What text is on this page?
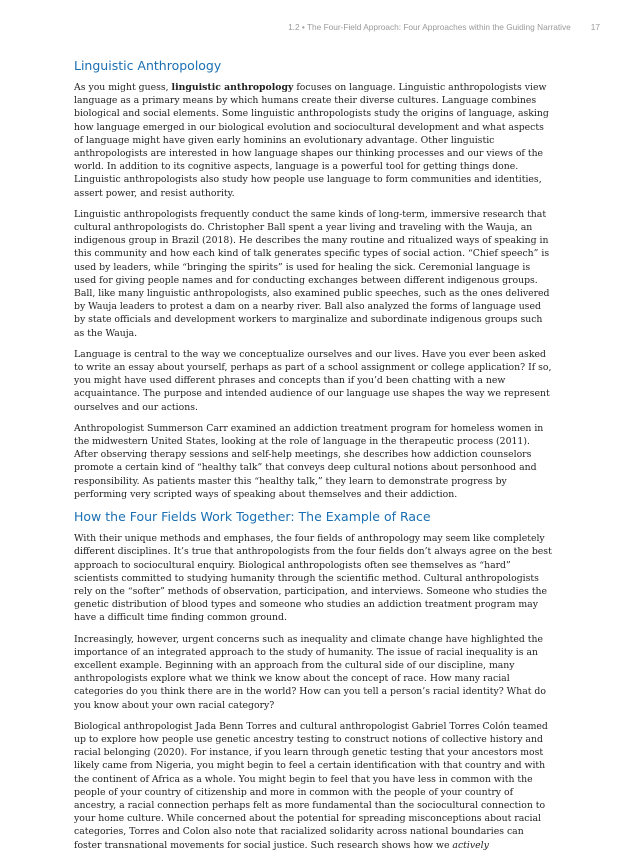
1.2 • The Four-Field Approach: Four Approaches within the Guiding Narrative 17
Linguistic Anthropology

As you might guess, linguistic anthropology focuses on language. Linguistic anthropologists view language as a primary means by which humans create their diverse cultures. Language combines biological and social elements. Some linguistic anthropologists study the origins of language, asking how language emerged in our biological evolution and sociocultural development and what aspects of language might have given early hominins an evolutionary advantage. Other linguistic anthropologists are interested in how language shapes our thinking processes and our views of the world. In addition to its cognitive aspects, language is a powerful tool for getting things done. Linguistic anthropologists also study how people use language to form communities and identities, assert power, and resist authority.

Linguistic anthropologists frequently conduct the same kinds of long-term, immersive research that cultural anthropologists do. Christopher Ball spent a year living and traveling with the Wauja, an indigenous group in Brazil (2018). He describes the many routine and ritualized ways of speaking in this community and how each kind of talk generates specific types of social action. “Chief speech” is used by leaders, while “bringing the spirits” is used for healing the sick. Ceremonial language is used for giving people names and for conducting exchanges between different indigenous groups. Ball, like many linguistic anthropologists, also examined public speeches, such as the ones delivered by Wauja leaders to protest a dam on a nearby river. Ball also analyzed the forms of language used by state officials and development workers to marginalize and subordinate indigenous groups such as the Wauja.

Language is central to the way we conceptualize ourselves and our lives. Have you ever been asked to write an essay about yourself, perhaps as part of a school assignment or college application? If so, you might have used different phrases and concepts than if you’d been chatting with a new acquaintance. The purpose and intended audience of our language use shapes the way we represent ourselves and our actions.

Anthropologist Summerson Carr examined an addiction treatment program for homeless women in the midwestern United States, looking at the role of language in the therapeutic process (2011). After observing therapy sessions and self-help meetings, she describes how addiction counselors promote a certain kind of “healthy talk” that conveys deep cultural notions about personhood and responsibility. As patients master this “healthy talk,” they learn to demonstrate progress by performing very scripted ways of speaking about themselves and their addiction.

How the Four Fields Work Together: The Example of Race

With their unique methods and emphases, the four fields of anthropology may seem like completely different disciplines. It’s true that anthropologists from the four fields don’t always agree on the best approach to sociocultural enquiry. Biological anthropologists often see themselves as “hard” scientists committed to studying humanity through the scientific method. Cultural anthropologists rely on the “softer” methods of observation, participation, and interviews. Someone who studies the genetic distribution of blood types and someone who studies an addiction treatment program may have a difficult time finding common ground.

Increasingly, however, urgent concerns such as inequality and climate change have highlighted the importance of an integrated approach to the study of humanity. The issue of racial inequality is an excellent example. Beginning with an approach from the cultural side of our discipline, many anthropologists explore what we think we know about the concept of race. How many racial categories do you think there are in the world? How can you tell a person’s racial identity? What do you know about your own racial category?

Biological anthropologist Jada Benn Torres and cultural anthropologist Gabriel Torres Colón teamed up to explore how people use genetic ancestry testing to construct notions of collective history and racial belonging (2020). For instance, if you learn through genetic testing that your ancestors most likely came from Nigeria, you might begin to feel a certain identification with that country and with the continent of Africa as a whole. You might begin to feel that you have less in common with the people of your country of citizenship and more in common with the people of your country of ancestry, a racial connection perhaps felt as more fundamental than the sociocultural connection to your home culture. While concerned about the potential for spreading misconceptions about racial categories, Torres and Colon also note that racialized solidarity across national boundaries can foster transnational movements for social justice. Such research shows how we actively
